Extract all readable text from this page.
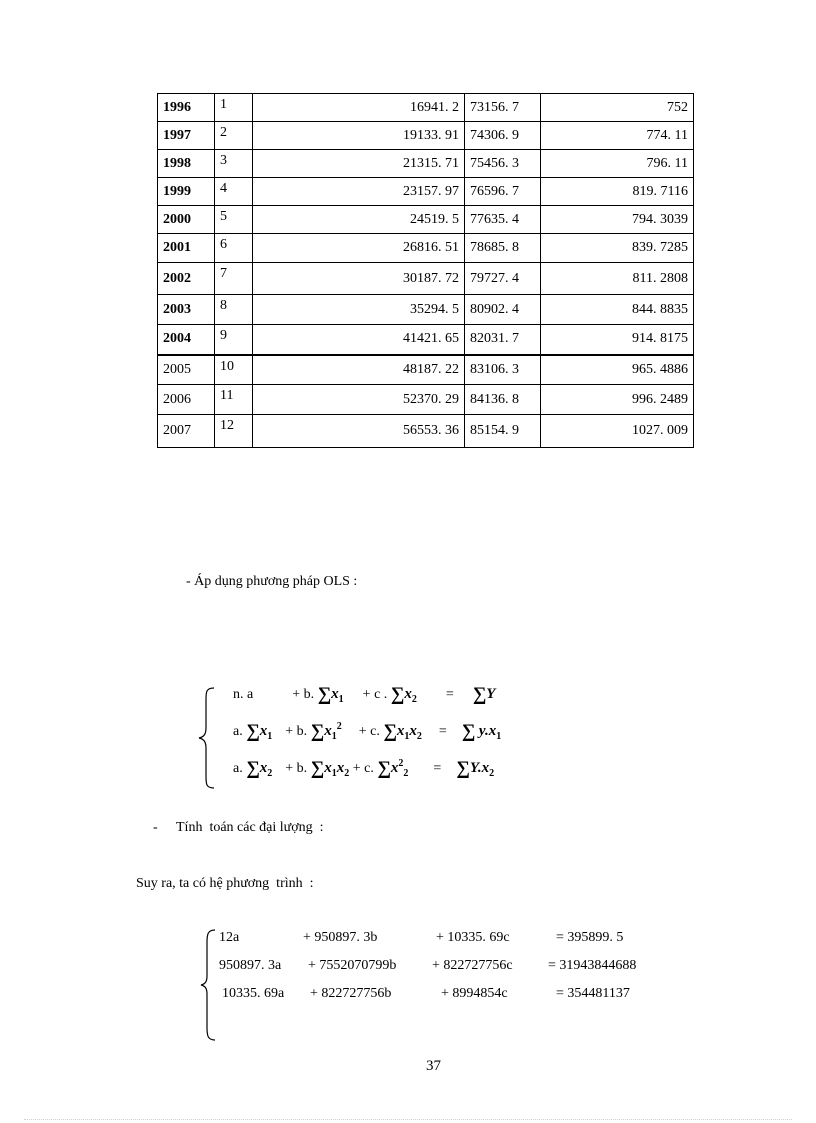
1996	1	16941. 2	73156. 7	752
1997	2	19133. 91	74306. 9	774. 11
1998	3	21315. 71	75456. 3	796. 11
1999	4	23157. 97	76596. 7	819. 7116
2000	5	24519. 5	77635. 4	794. 3039
2001	6	26816. 51	78685. 8	839. 7285
2002	7	30187. 72	79727. 4	811. 2808
2003	8	35294. 5	80902. 4	844. 8835
2004	9	41421. 65	82031. 7	914. 8175
2005	10	48187. 22	83106. 3	965. 4886
2006	11	52370. 29	84136. 8	996. 2489
2007	12	56553. 36	85154. 9	1027. 009
- Áp dụng phương pháp OLS :
n. a	+ b. $\sum x_1 + c$ . $\sum x_2 = \sum Y$
a. $\sum x_1 + b$. $\sum x_1^2 + c$. $\sum x_1x_2$ = ∑ $y.x_1$
a. $\sum x_2 + b$. $\sum x_1x_2 + c$. $\sum x^2_2 = \sum Y.x_2$
- Tính  toán các đại lượng  :
Suy ra, ta có hệ phương  trình  :
12a	+ 950897. 3b	+ 10335. 69c	= 395899. 5
950897. 3a + 7552070799b	+ 822727756c	= 31943844688
10335. 69a + 822727756b	+ 8994854c	= 354481137
37
